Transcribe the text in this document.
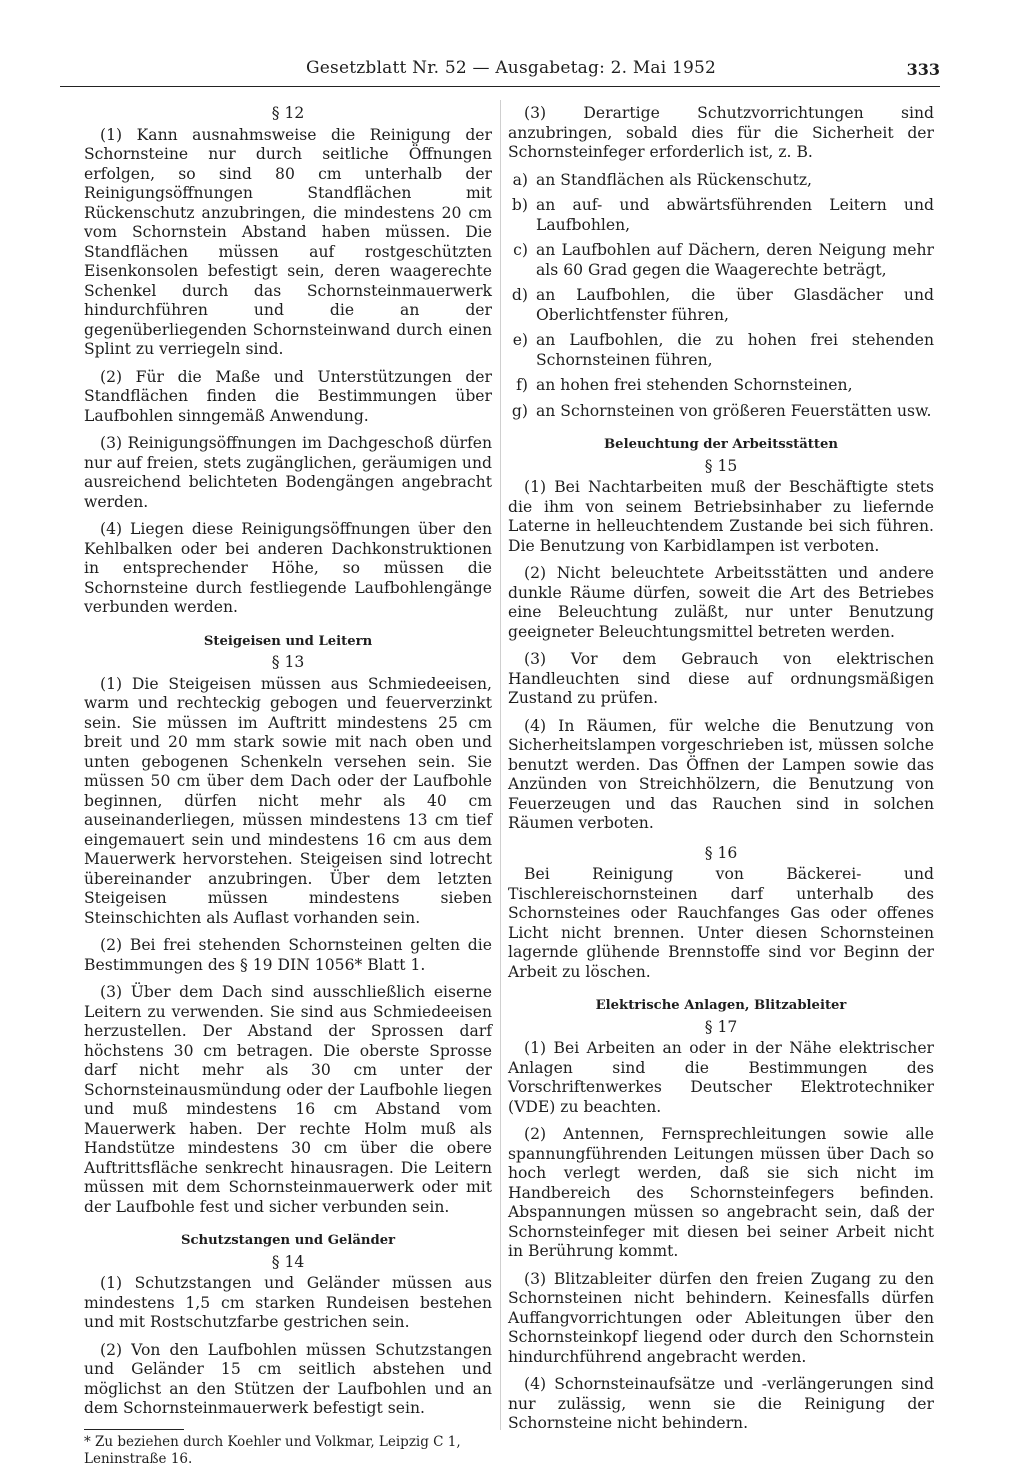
Gesetzblatt Nr. 52 — Ausgabetag: 2. Mai 1952	333
§ 12

(1) Kann ausnahmsweise die Reinigung der Schornsteine nur durch seitliche Öffnungen erfolgen, so sind 80 cm unterhalb der Reinigungsöffnungen Standflächen mit Rückenschutz anzubringen, die mindestens 20 cm vom Schornstein Abstand haben müssen. Die Standflächen müssen auf rostgeschützten Eisenkonsolen befestigt sein, deren waagerechte Schenkel durch das Schornsteinmauerwerk hindurchführen und die an der gegenüberliegenden Schornsteinwand durch einen Splint zu verriegeln sind.

(2) Für die Maße und Unterstützungen der Standflächen finden die Bestimmungen über Laufbohlen sinngemäß Anwendung.

(3) Reinigungsöffnungen im Dachgeschoß dürfen nur auf freien, stets zugänglichen, geräumigen und ausreichend belichteten Bodengängen angebracht werden.

(4) Liegen diese Reinigungsöffnungen über den Kehlbalken oder bei anderen Dachkonstruktionen in entsprechender Höhe, so müssen die Schornsteine durch festliegende Laufbohlengänge verbunden werden.

Steigeisen und Leitern
§ 13

(1) Die Steigeisen müssen aus Schmiedeeisen, warm und rechteckig gebogen und feuerverzinkt sein. Sie müssen im Auftritt mindestens 25 cm breit und 20 mm stark sowie mit nach oben und unten gebogenen Schenkeln versehen sein. Sie müssen 50 cm über dem Dach oder der Laufbohle beginnen, dürfen nicht mehr als 40 cm auseinanderliegen, müssen mindestens 13 cm tief eingemauert sein und mindestens 16 cm aus dem Mauerwerk hervorstehen. Steigeisen sind lotrecht übereinander anzubringen. Über dem letzten Steigeisen müssen mindestens sieben Steinschichten als Auflast vorhanden sein.

(2) Bei frei stehenden Schornsteinen gelten die Bestimmungen des § 19 DIN 1056* Blatt 1.

(3) Über dem Dach sind ausschließlich eiserne Leitern zu verwenden. Sie sind aus Schmiedeeisen herzustellen. Der Abstand der Sprossen darf höchstens 30 cm betragen. Die oberste Sprosse darf nicht mehr als 30 cm unter der Schornsteinausmündung oder der Laufbohle liegen und muß mindestens 16 cm Abstand vom Mauerwerk haben. Der rechte Holm muß als Handstütze mindestens 30 cm über die obere Auftrittsfläche senkrecht hinausragen. Die Leitern müssen mit dem Schornsteinmauerwerk oder mit der Laufbohle fest und sicher verbunden sein.

Schutzstangen und Geländer
§ 14

(1) Schutzstangen und Geländer müssen aus mindestens 1,5 cm starken Rundeisen bestehen und mit Rostschutzfarbe gestrichen sein.

(2) Von den Laufbohlen müssen Schutzstangen und Geländer 15 cm seitlich abstehen und möglichst an den Stützen der Laufbohlen und an dem Schornsteinmauerwerk befestigt sein.

* Zu beziehen durch Koehler und Volkmar, Leipzig C 1,

Leninstraße 16.

(3) Derartige Schutzvorrichtungen sind anzubringen, sobald dies für die Sicherheit der Schornsteinfeger erforderlich ist, z. B.

a) an Standflächen als Rückenschutz,
b) an auf- und abwärtsführenden Leitern und Laufbohlen,
c) an Laufbohlen auf Dächern, deren Neigung mehr als 60 Grad gegen die Waagerechte beträgt,
d) an Laufbohlen, die über Glasdächer und Oberlichtfenster führen,
e) an Laufbohlen, die zu hohen frei stehenden Schornsteinen führen,
f) an hohen frei stehenden Schornsteinen,
g) an Schornsteinen von größeren Feuerstätten usw.
Beleuchtung der Arbeitsstätten
§ 15

(1) Bei Nachtarbeiten muß der Beschäftigte stets die ihm von seinem Betriebsinhaber zu liefernde Laterne in helleuchtendem Zustande bei sich führen. Die Benutzung von Karbidlampen ist verboten.

(2) Nicht beleuchtete Arbeitsstätten und andere dunkle Räume dürfen, soweit die Art des Betriebes eine Beleuchtung zuläßt, nur unter Benutzung geeigneter Beleuchtungsmittel betreten werden.

(3) Vor dem Gebrauch von elektrischen Handleuchten sind diese auf ordnungsmäßigen Zustand zu prüfen.

(4) In Räumen, für welche die Benutzung von Sicherheitslampen vorgeschrieben ist, müssen solche benutzt werden. Das Öffnen der Lampen sowie das Anzünden von Streichhölzern, die Benutzung von Feuerzeugen und das Rauchen sind in solchen Räumen verboten.

§ 16

Bei Reinigung von Bäckerei- und Tischlereischornsteinen darf unterhalb des Schornsteines oder Rauchfanges Gas oder offenes Licht nicht brennen. Unter diesen Schornsteinen lagernde glühende Brennstoffe sind vor Beginn der Arbeit zu löschen.

Elektrische Anlagen, Blitzableiter
§ 17

(1) Bei Arbeiten an oder in der Nähe elektrischer Anlagen sind die Bestimmungen des Vorschriftenwerkes Deutscher Elektrotechniker (VDE) zu beachten.

(2) Antennen, Fernsprechleitungen sowie alle spannungführenden Leitungen müssen über Dach so hoch verlegt werden, daß sie sich nicht im Handbereich des Schornsteinfegers befinden. Abspannungen müssen so angebracht sein, daß der Schornsteinfeger mit diesen bei seiner Arbeit nicht in Berührung kommt.

(3) Blitzableiter dürfen den freien Zugang zu den Schornsteinen nicht behindern. Keinesfalls dürfen Auffangvorrichtungen oder Ableitungen über den Schornsteinkopf liegend oder durch den Schornstein hindurchführend angebracht werden.

(4) Schornsteinaufsätze und -verlängerungen sind nur zulässig, wenn sie die Reinigung der Schornsteine nicht behindern.
